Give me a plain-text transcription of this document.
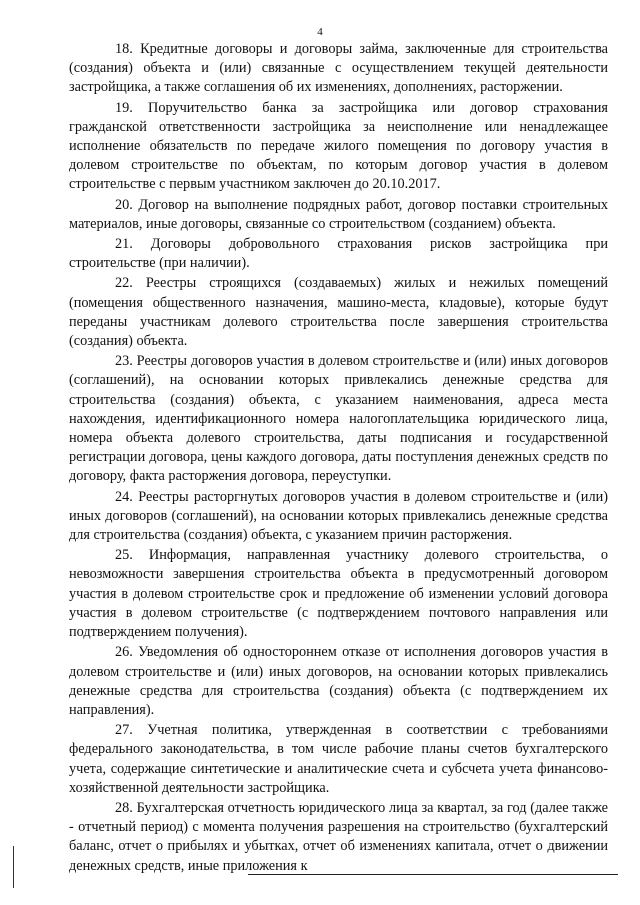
4

18. Кредитные договоры и договоры займа, заключенные для строительства (создания) объекта и (или) связанные с осуществлением текущей деятельности застройщика, а также соглашения об их изменениях, дополнениях, расторжении.

19. Поручительство банка за застройщика или договор страхования гражданской ответственности застройщика за неисполнение или ненадлежащее исполнение обязательств по передаче жилого помещения по договору участия в долевом строительстве по объектам, по которым договор участия в долевом строительстве с первым участником заключен до 20.10.2017.

20. Договор на выполнение подрядных работ, договор поставки строительных материалов, иные договоры, связанные со строительством (созданием) объекта.

21. Договоры добровольного страхования рисков застройщика при строительстве (при наличии).

22. Реестры строящихся (создаваемых) жилых и нежилых помещений (помещения общественного назначения, машино-места, кладовые), которые будут переданы участникам долевого строительства после завершения строительства (создания) объекта.

23. Реестры договоров участия в долевом строительстве и (или) иных договоров (соглашений), на основании которых привлекались денежные средства для строительства (создания) объекта, с указанием наименования, адреса места нахождения, идентификационного номера налогоплательщика юридического лица, номера объекта долевого строительства, даты подписания и государственной регистрации договора, цены каждого договора, даты поступления денежных средств по договору, факта расторжения договора, переуступки.

24. Реестры расторгнутых договоров участия в долевом строительстве и (или) иных договоров (соглашений), на основании которых привлекались денежные средства для строительства (создания) объекта, с указанием причин расторжения.

25. Информация, направленная участнику долевого строительства, о невозможности завершения строительства объекта в предусмотренный договором участия в долевом строительстве срок и предложение об изменении условий договора участия в долевом строительстве (с подтверждением почтового направления или подтверждением получения).

26. Уведомления об одностороннем отказе от исполнения договоров участия в долевом строительстве и (или) иных договоров, на основании которых привлекались денежные средства для строительства (создания) объекта (с подтверждением их направления).

27. Учетная политика, утвержденная в соответствии с требованиями федерального законодательства, в том числе рабочие планы счетов бухгалтерского учета, содержащие синтетические и аналитические счета и субсчета учета финансово-хозяйственной деятельности застройщика.

28. Бухгалтерская отчетность юридического лица за квартал, за год (далее также - отчетный период) с момента получения разрешения на строительство (бухгалтерский баланс, отчет о прибылях и убытках, отчет об изменениях капитала, отчет о движении денежных средств, иные приложения к
